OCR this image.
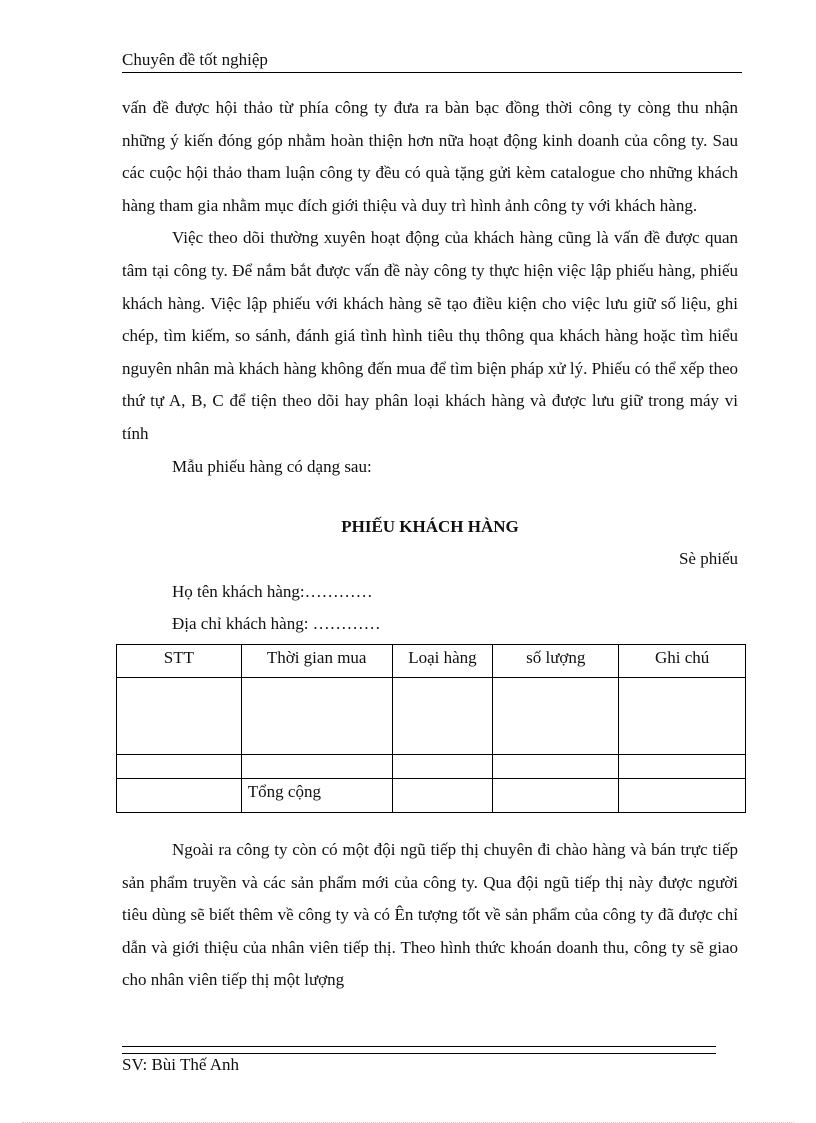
Chuyên đề tốt nghiệp

vấn đề được hội thảo từ phía công ty đưa ra bàn bạc đồng thời công ty còng thu nhận những ý kiến đóng góp nhằm hoàn thiện hơn nữa hoạt động kinh doanh của công ty. Sau các cuộc hội thảo tham luận công ty đều có quà tặng gửi kèm catalogue cho những khách hàng tham gia nhằm mục đích giới thiệu và duy trì hình ảnh công ty với khách hàng.

Việc theo dõi thường xuyên hoạt động của khách hàng cũng là vấn đề được quan tâm tại công ty. Để nắm bắt được vấn đề này công ty thực hiện việc lập phiếu hàng, phiếu khách hàng. Việc lập phiếu với khách hàng sẽ tạo điều kiện cho việc lưu giữ số liệu, ghi chép, tìm kiếm, so sánh, đánh giá tình hình tiêu thụ thông qua khách hàng hoặc tìm hiểu nguyên nhân mà khách hàng không đến mua để tìm biện pháp xử lý. Phiếu có thể xếp theo thứ tự A, B, C để tiện theo dõi hay phân loại khách hàng và được lưu giữ trong máy vi tính

Mẫu phiếu hàng có dạng sau:

PHIẾU KHÁCH HÀNG
Sè phiếu
Họ tên khách hàng:…………
Địa chỉ khách hàng: …………
STT	Thời gian mua	Loại hàng	số lượng	Ghi chú

	Tổng cộng			

Ngoài ra công ty còn có một đội ngũ tiếp thị chuyên đi chào hàng và bán trực tiếp sản phẩm truyền và các sản phẩm mới của công ty. Qua đội ngũ tiếp thị này được người tiêu dùng sẽ biết thêm về công ty và có Ên tượng tốt về sản phẩm của công ty đã được chỉ dẫn và giới thiệu của nhân viên tiếp thị. Theo hình thức khoán doanh thu, công ty sẽ giao cho nhân viên tiếp thị một lượng

SV: Bùi Thế Anh
